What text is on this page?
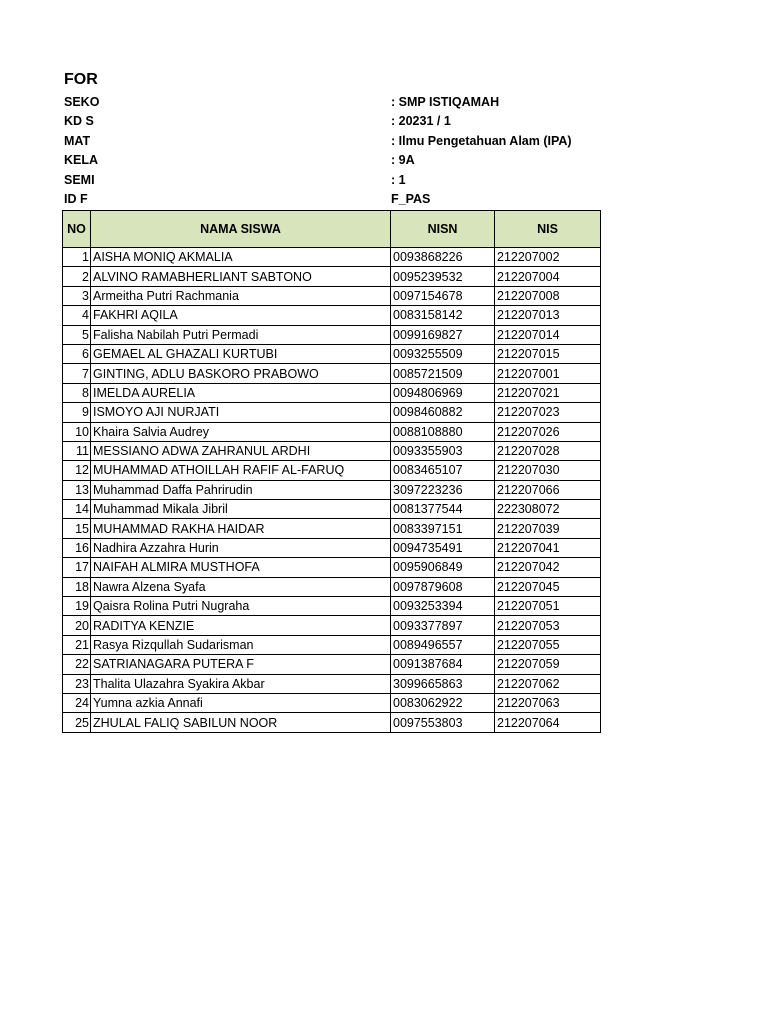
FOR
SEKO	: SMP ISTIQAMAH
KD S	: 20231 / 1
MAT	: Ilmu Pengetahuan Alam (IPA)
KELA	: 9A
SEMI	: 1
ID F	F_PAS
NO	NAMA SISWA	NISN	NIS
1	AISHA MONIQ AKMALIA	0093868226	212207002
2	ALVINO RAMABHERLIANT SABTONO	0095239532	212207004
3	Armeitha Putri Rachmania	0097154678	212207008
4	FAKHRI AQILA	0083158142	212207013
5	Falisha Nabilah Putri Permadi	0099169827	212207014
6	GEMAEL AL GHAZALI KURTUBI	0093255509	212207015
7	GINTING, ADLU BASKORO PRABOWO	0085721509	212207001
8	IMELDA AURELIA	0094806969	212207021
9	ISMOYO AJI NURJATI	0098460882	212207023
10	Khaira Salvia Audrey	0088108880	212207026
11	MESSIANO ADWA ZAHRANUL ARDHI	0093355903	212207028
12	MUHAMMAD ATHOILLAH RAFIF AL-FARUQ	0083465107	212207030
13	Muhammad Daffa Pahrirudin	3097223236	212207066
14	Muhammad Mikala Jibril	0081377544	222308072
15	MUHAMMAD RAKHA HAIDAR	0083397151	212207039
16	Nadhira Azzahra Hurin	0094735491	212207041
17	NAIFAH ALMIRA MUSTHOFA	0095906849	212207042
18	Nawra Alzena Syafa	0097879608	212207045
19	Qaisra Rolina Putri Nugraha	0093253394	212207051
20	RADITYA KENZIE	0093377897	212207053
21	Rasya Rizqullah Sudarisman	0089496557	212207055
22	SATRIANAGARA PUTERA F	0091387684	212207059
23	Thalita Ulazahra Syakira Akbar	3099665863	212207062
24	Yumna azkia Annafi	0083062922	212207063
25	ZHULAL FALIQ SABILUN NOOR	0097553803	212207064
